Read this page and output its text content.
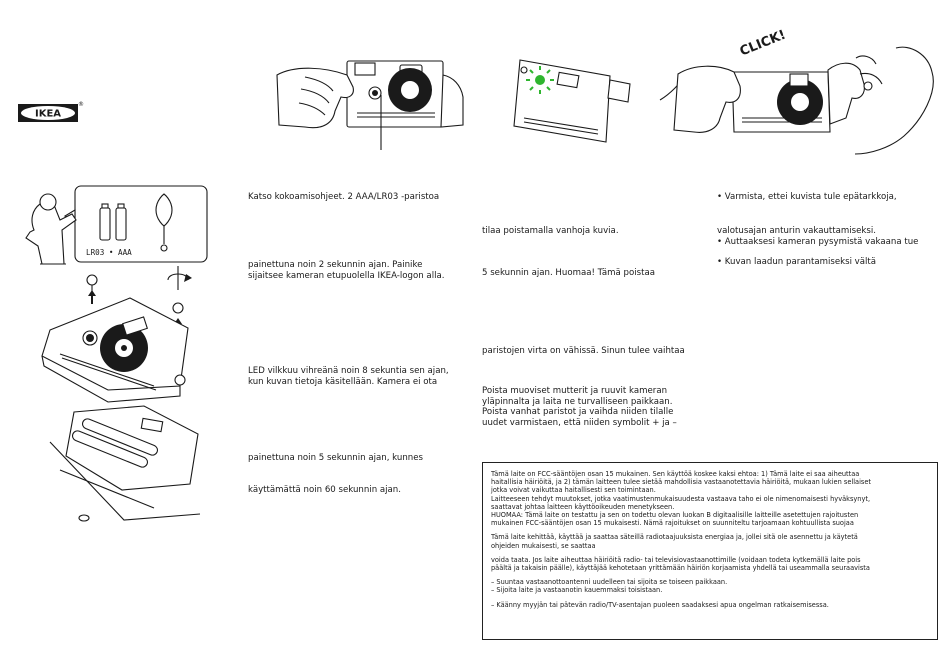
IKEA
®
CLICK!
LR03 • AAA
Katso kokoamisohjeet. 2 AAA/LR03 -paristoa
painettuna noin 2 sekunnin ajan. Painike
sijaitsee kameran etupuolella IKEA-logon alla.
LED vilkkuu vihreänä noin 8 sekuntia sen ajan,
kun kuvan tietoja käsitellään. Kamera ei ota
painettuna noin 5 sekunnin ajan, kunnes
käyttämättä noin 60 sekunnin ajan.
tilaa poistamalla vanhoja kuvia.
5 sekunnin ajan. Huomaa! Tämä poistaa
paristojen virta on vähissä. Sinun tulee vaihtaa
Poista muoviset mutterit ja ruuvit kameran
yläpinnalta ja laita ne turvalliseen paikkaan.
Poista vanhat paristot ja vaihda niiden tilalle
uudet varmistaen, että niiden symbolit + ja –
• Varmista, ettei kuvista tule epätarkkoja,
valotusajan anturin vakauttamiseksi.
• Auttaaksesi kameran pysymistä vakaana tue
• Kuvan laadun parantamiseksi vältä

Tämä laite on FCC-sääntöjen osan 15 mukainen. Sen käyttöä koskee kaksi ehtoa: 1) Tämä laite ei saa aiheuttaa
haitallisia häiriöitä, ja 2) tämän laitteen tulee sietää mahdollisia vastaanotettavia häiriöitä, mukaan lukien sellaiset
jotka voivat vaikuttaa haitallisesti sen toimintaan.
Laitteeseen tehdyt muutokset, jotka vaatimustenmukaisuudesta vastaava taho ei ole nimenomaisesti hyväksynyt,
saattavat johtaa laitteen käyttöoikeuden menetykseen.
HUOMAA: Tämä laite on testattu ja sen on todettu olevan luokan B digitaalisille laitteille asetettujen rajoitusten
mukainen FCC-sääntöjen osan 15 mukaisesti. Nämä rajoitukset on suunniteltu tarjoamaan kohtuullista suojaa

Tämä laite kehittää, käyttää ja saattaa säteillä radiotaajuuksista energiaa ja, jollei sitä ole asennettu ja käytetä
ohjeiden mukaisesti, se saattaa

voida taata. Jos laite aiheuttaa häiriöitä radio- tai televisiovastaanottimille (voidaan todeta kytkemällä laite pois
päältä ja takaisin päälle), käyttäjää kehotetaan yrittämään häiriön korjaamista yhdellä tai useammalla seuraavista

– Suuntaa vastaanottoantenni uudelleen tai sijoita se toiseen paikkaan.
– Sijoita laite ja vastaanotin kauemmaksi toisistaan.

– Käänny myyjän tai pätevän radio/TV-asentajan puoleen saadaksesi apua ongelman ratkaisemisessa.
